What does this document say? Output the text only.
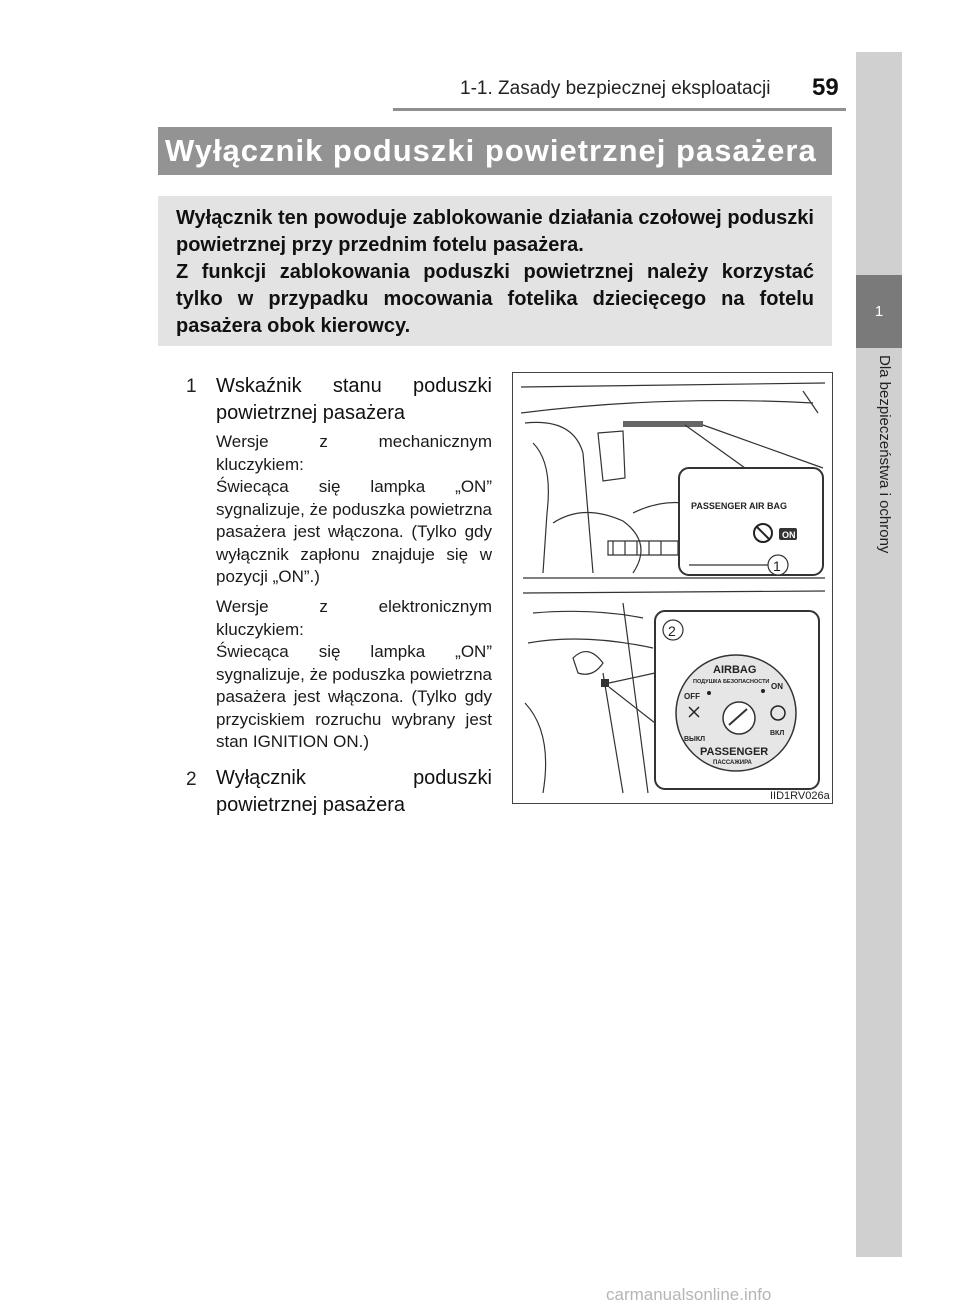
1
Dla bezpieczeństwa i ochrony
1-1. Zasady bezpiecznej eksploatacji 59
Wyłącznik poduszki powietrznej pasażera

Wyłącznik ten powoduje zablokowanie działania czołowej poduszki powietrznej przy przednim fotelu pasażera.

Z funkcji zablokowania poduszki powietrznej należy korzystać tylko w przypadku mocowania fotelika dziecięcego na fotelu pasażera obok kierowcy.

1 Wskaźnik stanu poduszki powietrznej pasażera

Wersje z mechanicznym kluczykiem:

Świecąca się lampka „ON” sygnalizuje, że poduszka powietrzna pasażera jest włączona. (Tylko gdy wyłącznik zapłonu znajduje się w pozycji „ON”.)

Wersje z elektronicznym kluczykiem:

Świecąca się lampka „ON” sygnalizuje, że poduszka powietrzna pasażera jest włączona. (Tylko gdy przyciskiem rozruchu wybrany jest stan IGNITION ON.)

2 Wyłącznik poduszki powietrznej pasażera

PASSENGER AIR BAG
ON
1
2
AIRBAG
ПОДУШКА БЕЗОПАСНОСТИ
OFF
ON
ВЫКЛ
ВКЛ
PASSENGER
ПАССАЖИРА
IID1RV026a
carmanualsonline.info
